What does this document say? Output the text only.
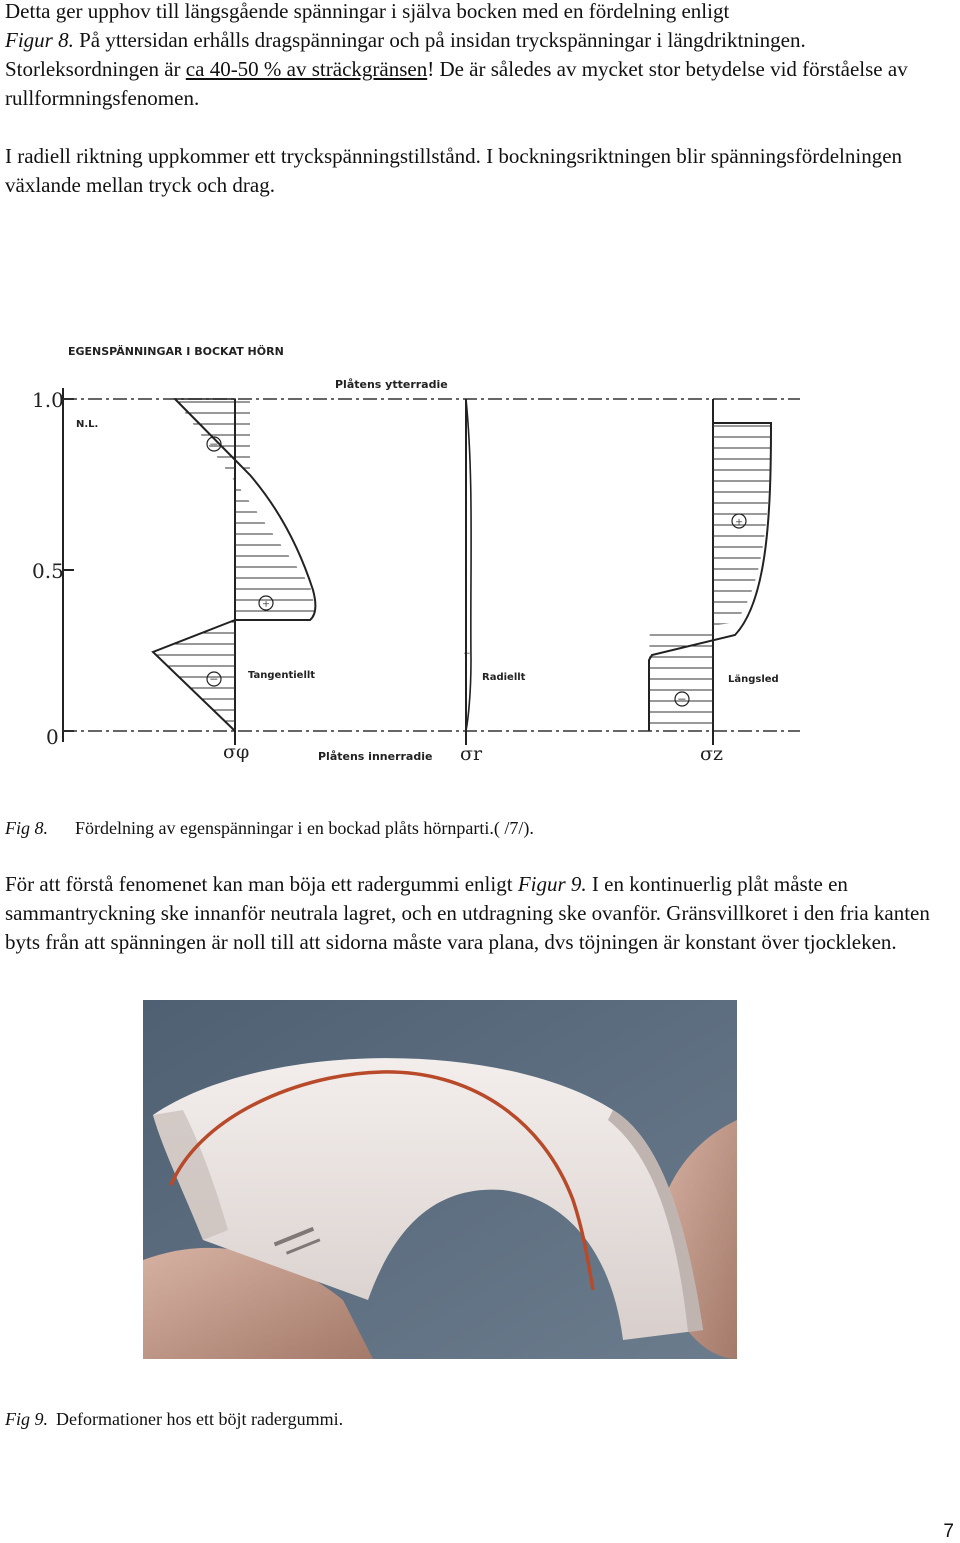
Detta ger upphov till längsgående spänningar i själva bocken med en fördelning enligt
Figur 8. På yttersidan erhålls dragspänningar och på insidan tryckspänningar i längdriktningen. Storleksordningen är ca 40-50 % av sträckgränsen! De är således av mycket stor betydelse vid förståelse av rullformningsfenomen.

I radiell riktning uppkommer ett tryckspänningstillstånd. I bockningsriktningen blir spänningsfördelningen växlande mellan tryck och drag.

EGENSPÄNNINGAR I BOCKAT HÖRN
Plåtens ytterradie
Plåtens innerradie
N.L.
1.0
0.5
0
−
+
−	Tangentiellt
σφ
−
Radiellt
σr
+
−
Längsled
σz
Fig 8. Fördelning av egenspänningar i en bockad plåts hörnparti.( /7/).

För att förstå fenomenet kan man böja ett radergummi enligt Figur 9. I en kontinuerlig plåt måste en sammantryckning ske innanför neutrala lagret, och en utdragning ske ovanför. Gränsvillkoret i den fria kanten byts från att spänningen är noll till att sidorna måste vara plana, dvs töjningen är konstant över tjockleken.

Fig 9. Deformationer hos ett böjt radergummi.
7
